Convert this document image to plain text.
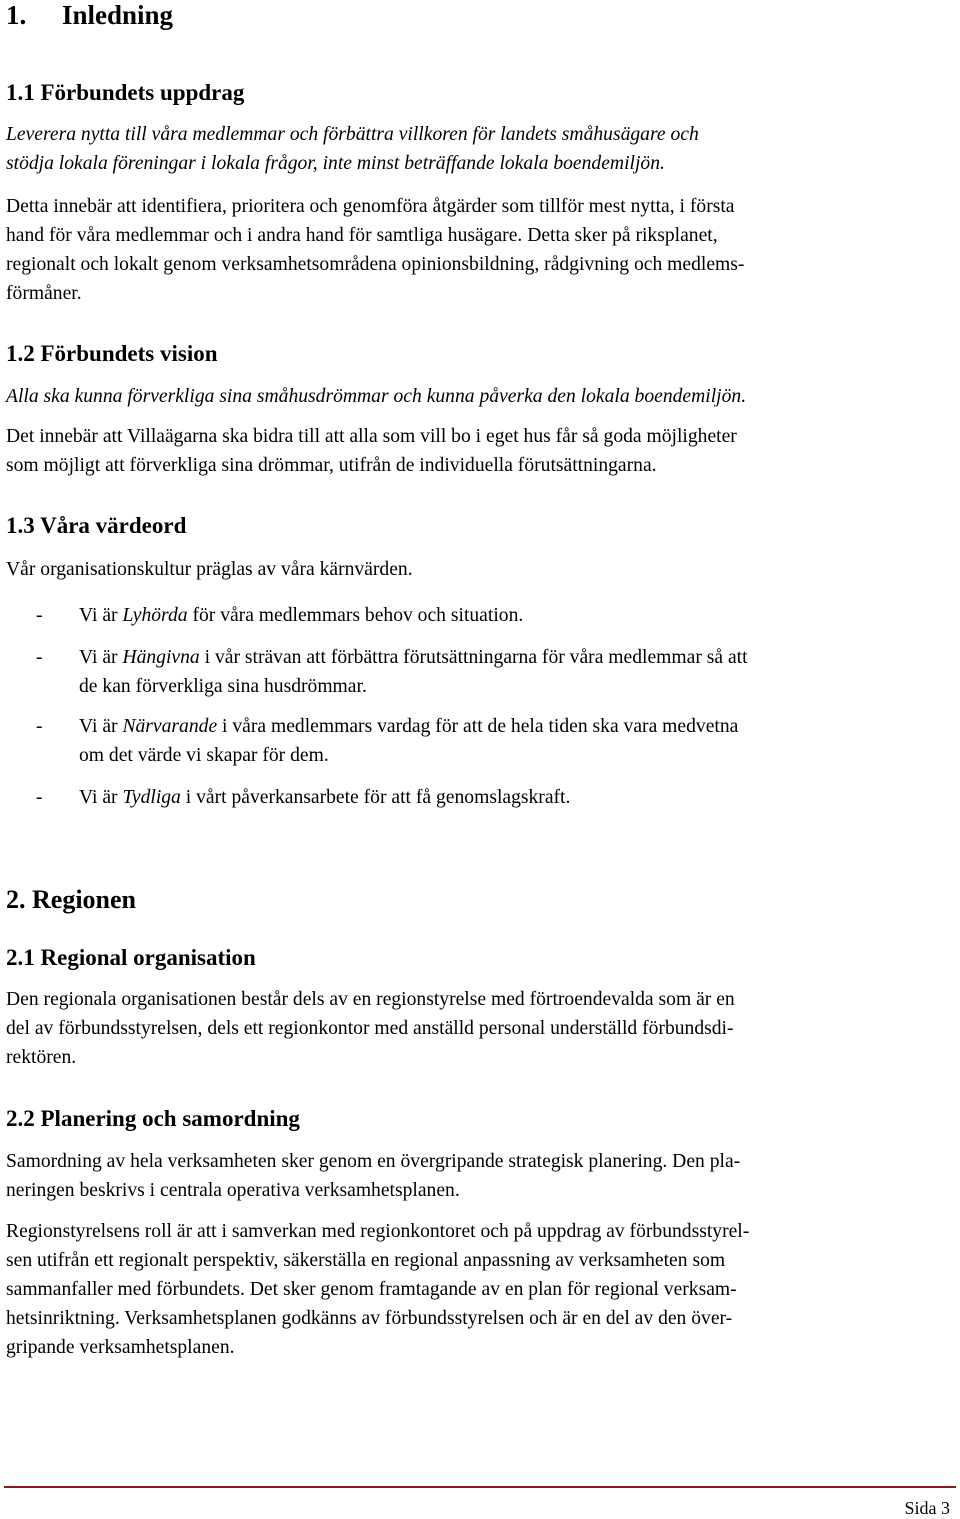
1. Inledning
1.1 Förbundets uppdrag
Leverera nytta till våra medlemmar och förbättra villkoren för landets småhusägare och
stödja lokala föreningar i lokala frågor, inte minst beträffande lokala boendemiljön.
Detta innebär att identifiera, prioritera och genomföra åtgärder som tillför mest nytta, i första
hand för våra medlemmar och i andra hand för samtliga husägare. Detta sker på riksplanet,
regionalt och lokalt genom verksamhetsområdena opinionsbildning, rådgivning och medlems-
förmåner.
1.2 Förbundets vision
Alla ska kunna förverkliga sina småhusdrömmar och kunna påverka den lokala boendemiljön.
Det innebär att Villaägarna ska bidra till att alla som vill bo i eget hus får så goda möjligheter
som möjligt att förverkliga sina drömmar, utifrån de individuella förutsättningarna.
1.3 Våra värdeord
Vår organisationskultur präglas av våra kärnvärden.
- Vi är Lyhörda för våra medlemmars behov och situation.
- Vi är Hängivna i vår strävan att förbättra förutsättningarna för våra medlemmar så att
de kan förverkliga sina husdrömmar.
- Vi är Närvarande i våra medlemmars vardag för att de hela tiden ska vara medvetna
om det värde vi skapar för dem.
- Vi är Tydliga i vårt påverkansarbete för att få genomslagskraft.
2. Regionen
2.1 Regional organisation
Den regionala organisationen består dels av en regionstyrelse med förtroendevalda som är en
del av förbundsstyrelsen, dels ett regionkontor med anställd personal underställd förbundsdi-
rektören.
2.2 Planering och samordning
Samordning av hela verksamheten sker genom en övergripande strategisk planering. Den pla-
neringen beskrivs i centrala operativa verksamhetsplanen.
Regionstyrelsens roll är att i samverkan med regionkontoret och på uppdrag av förbundsstyrel-
sen utifrån ett regionalt perspektiv, säkerställa en regional anpassning av verksamheten som
sammanfaller med förbundets. Det sker genom framtagande av en plan för regional verksam-
hetsinriktning. Verksamhetsplanen godkänns av förbundsstyrelsen och är en del av den över-
gripande verksamhetsplanen.
Sida 3
